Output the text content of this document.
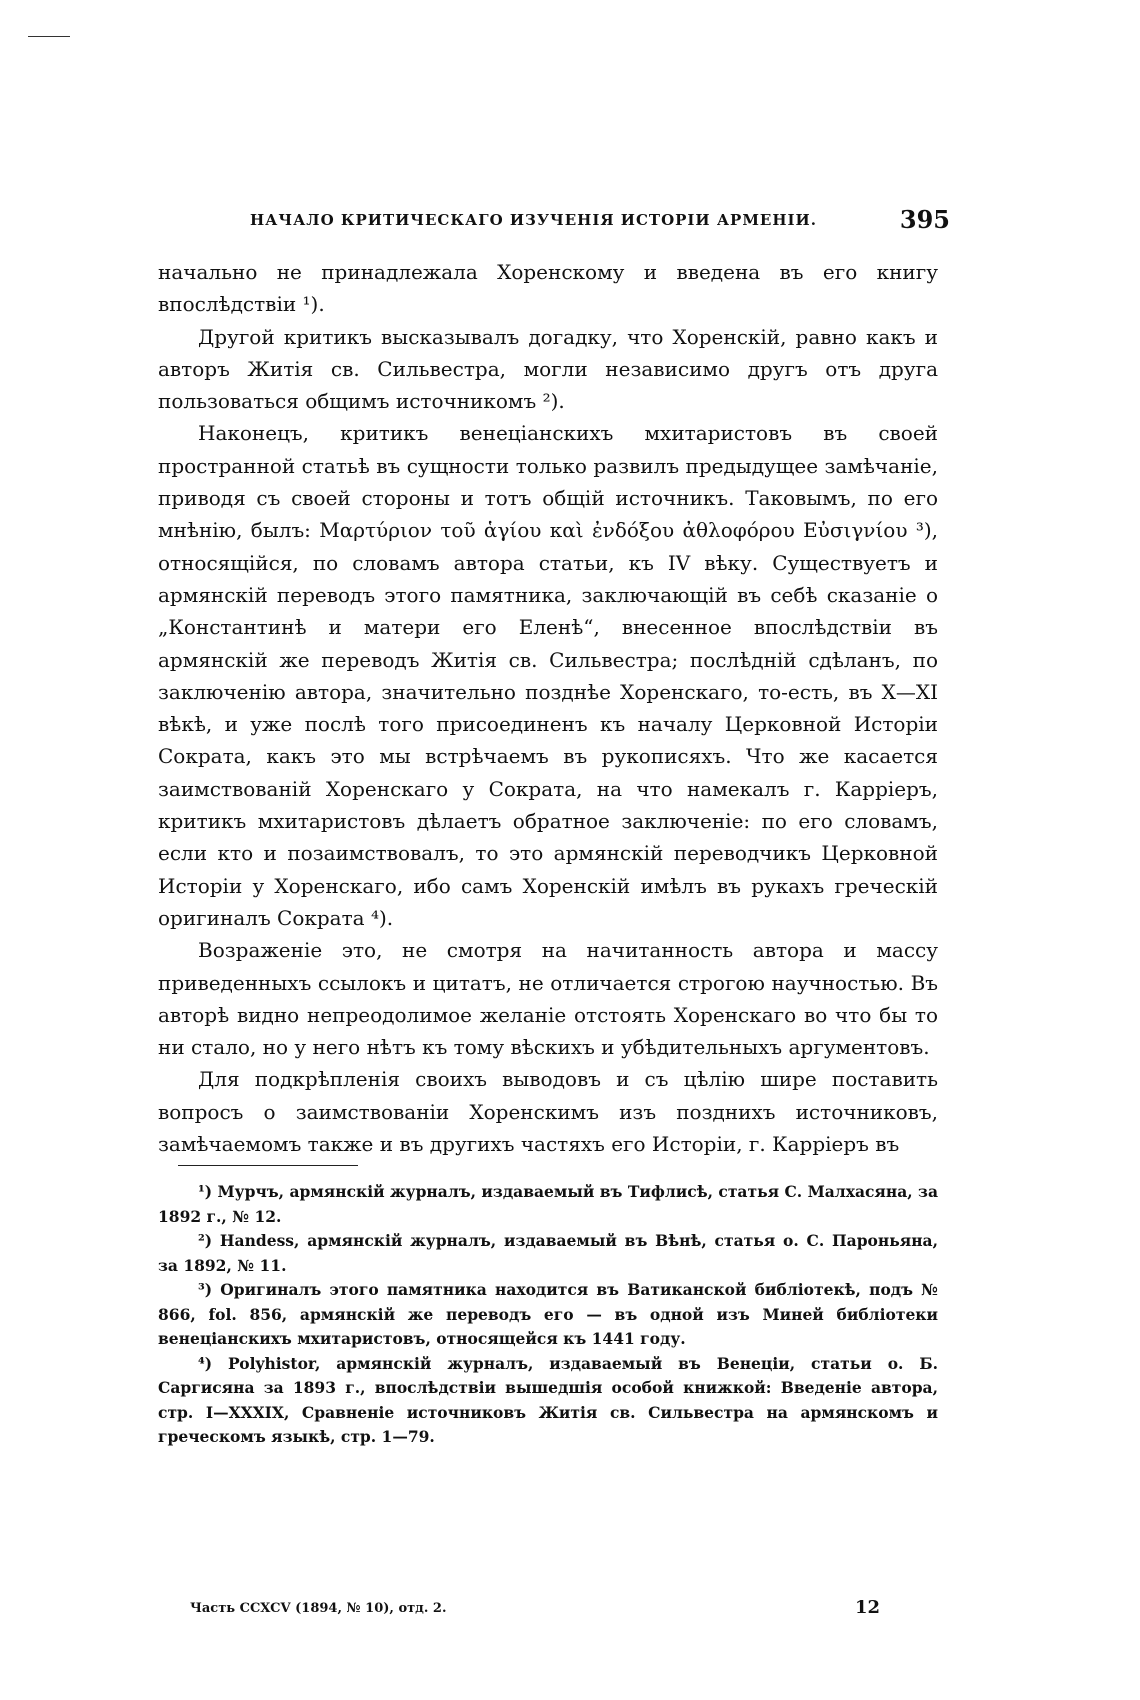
НАЧАЛО КРИТИЧЕСКАГО ИЗУЧЕНІЯ ИСТОРІИ АРМЕНІИ.	395

начально не принадлежала Хоренскому и введена въ его книгу впослѣдствіи ¹).

Другой критикъ высказывалъ догадку, что Хоренскій, равно какъ и авторъ Житія св. Сильвестра, могли независимо другъ отъ друга пользоваться общимъ источникомъ ²).

Наконецъ, критикъ венеціанскихъ мхитаристовъ въ своей пространной статьѣ въ сущности только развилъ предыдущее замѣчаніе, приводя съ своей стороны и тотъ общій источникъ. Таковымъ, по его мнѣнію, былъ: Μαρτύριον τοῦ ἁγίου καὶ ἐνδόξου ἀθλοφόρου Εὐσιγνίου ³), относящійся, по словамъ автора статьи, къ IV вѣку. Существуетъ и армянскій переводъ этого памятника, заключающій въ себѣ сказаніе о „Константинѣ и матери его Еленѣ“, внесенное впослѣдствіи въ армянскій же переводъ Житія св. Сильвестра; послѣдній сдѣланъ, по заключенію автора, значительно позднѣе Хоренскаго, то-есть, въ X—XI вѣкѣ, и уже послѣ того присоединенъ къ началу Церковной Исторіи Сократа, какъ это мы встрѣчаемъ въ рукописяхъ. Что же касается заимствованій Хоренскаго у Сократа, на что намекалъ г. Карріеръ, критикъ мхитаристовъ дѣлаетъ обратное заключеніе: по его словамъ, если кто и позаимствовалъ, то это армянскій переводчикъ Церковной Исторіи у Хоренскаго, ибо самъ Хоренскій имѣлъ въ рукахъ греческій оригиналъ Сократа ⁴).

Возраженіе это, не смотря на начитанность автора и массу приведенныхъ ссылокъ и цитатъ, не отличается строгою научностью. Въ авторѣ видно непреодолимое желаніе отстоять Хоренскаго во что бы то ни стало, но у него нѣтъ къ тому вѣскихъ и убѣдительныхъ аргументовъ.

Для подкрѣпленія своихъ выводовъ и съ цѣлію шире поставить вопросъ о заимствованіи Хоренскимъ изъ позднихъ источниковъ, замѣчаемомъ также и въ другихъ частяхъ его Исторіи, г. Карріеръ въ

¹) Мурчъ, армянскій журналъ, издаваемый въ Тифлисѣ, статья С. Малхасяна, за 1892 г., № 12.

²) Handess, армянскій журналъ, издаваемый въ Вѣнѣ, статья о. С. Пароньяна, за 1892, № 11.

³) Оригиналъ этого памятника находится въ Ватиканской библіотекѣ, подъ № 866, fol. 856, армянскій же переводъ его — въ одной изъ Миней библіотеки венеціанскихъ мхитаристовъ, относящейся къ 1441 году.

⁴) Polyhistor, армянскій журналъ, издаваемый въ Венеціи, статьи о. Б. Саргисяна за 1893 г., впослѣдствіи вышедшія особой книжкой: Введеніе автора, стр. I—XXXIX, Сравненіе источниковъ Житія св. Сильвестра на армянскомъ и греческомъ языкѣ, стр. 1—79.

Часть CCXCV (1894, № 10), отд. 2.	12
